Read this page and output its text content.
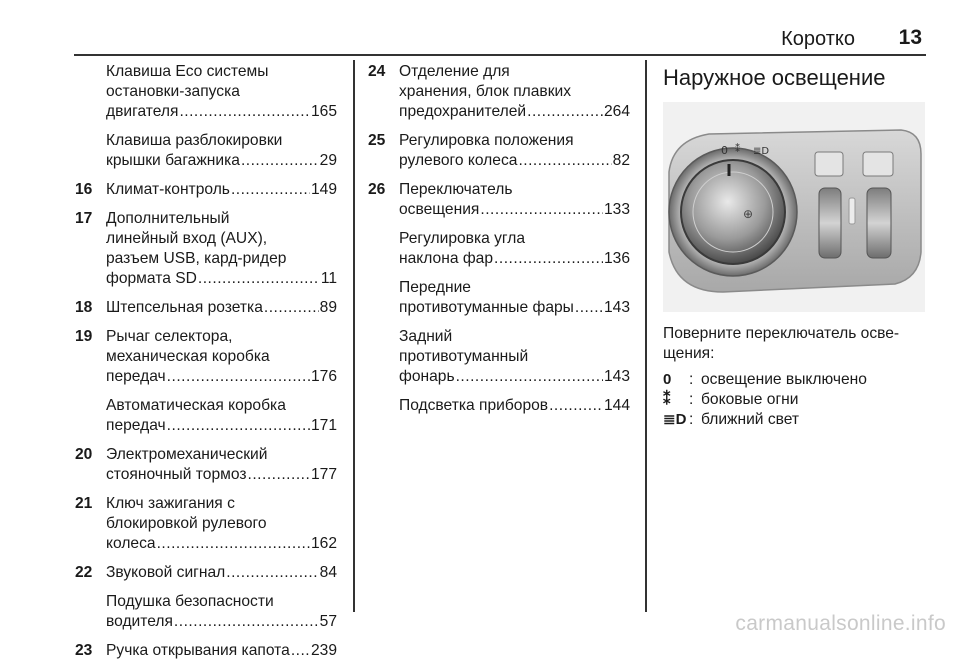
Коротко 13
Клавиша Eco системы
остановки-запуска
двигателя .....	165
Клавиша разблокировки
крышки багажника .....	29
16 Климат-контроль .....	149
17 Дополнительный
линейный вход (AUX),
разъем USB, кард-ридер
формата SD .....	11
18 Штепсельная розетка .....	89
19 Рычаг селектора,
механическая коробка
передач .....	176
Автоматическая коробка
передач .....	171
20 Электромеханический
стояночный тормоз .....	177
21 Ключ зажигания с
блокировкой рулевого
колеса .....	162
22 Звуковой сигнал .....	84
Подушка безопасности
водителя .....	57
23 Ручка открывания капота ..... 239
24 Отделение для
хранения, блок плавких
предохранителей .....	264
25 Регулировка положения
рулевого колеса .....	82
26 Переключатель
освещения .....	133
Регулировка угла
наклона фар .....	136
Передние
противотуманные фары ..... 143
Задний
противотуманный
фонарь .....	143
Подсветка приборов .....	144
Наружное освещение
0 ⁑ ≣D
⊕
Поверните переключатель осве-
щения:
0	: освещение выключено
⁑	: боковые огни
≣D : ближний свет
carmanualsonline.info
